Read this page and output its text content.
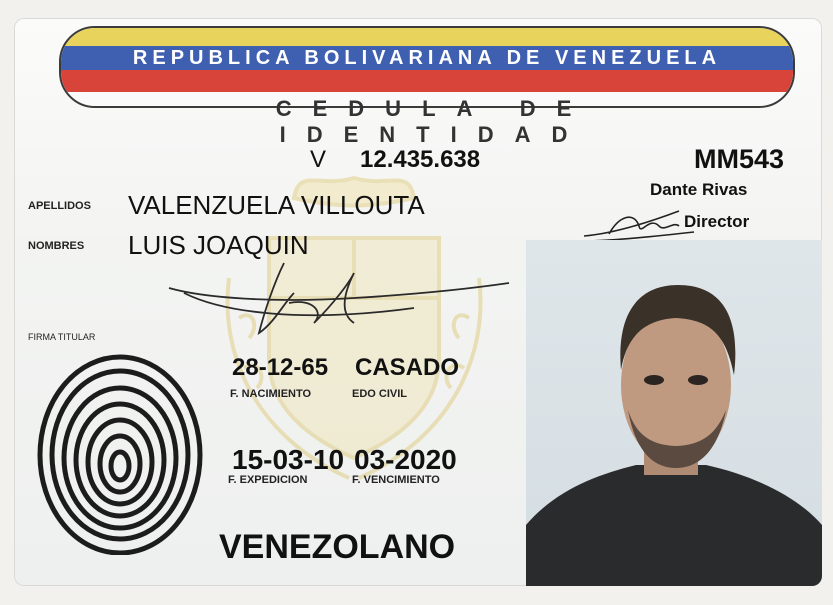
REPUBLICA BOLIVARIANA DE VENEZUELA
CEDULA DE IDENTIDAD
V 12.435.638	MM543
Dante Rivas
Director
APELLIDOS VALENZUELA VILLOUTA
NOMBRES LUIS JOAQUIN
FIRMA TITULAR
28-12-65 CASADO
F. NACIMIENTO	EDO CIVIL
15-03-10 03-2020
F. EXPEDICION	F. VENCIMIENTO
VENEZOLANO
